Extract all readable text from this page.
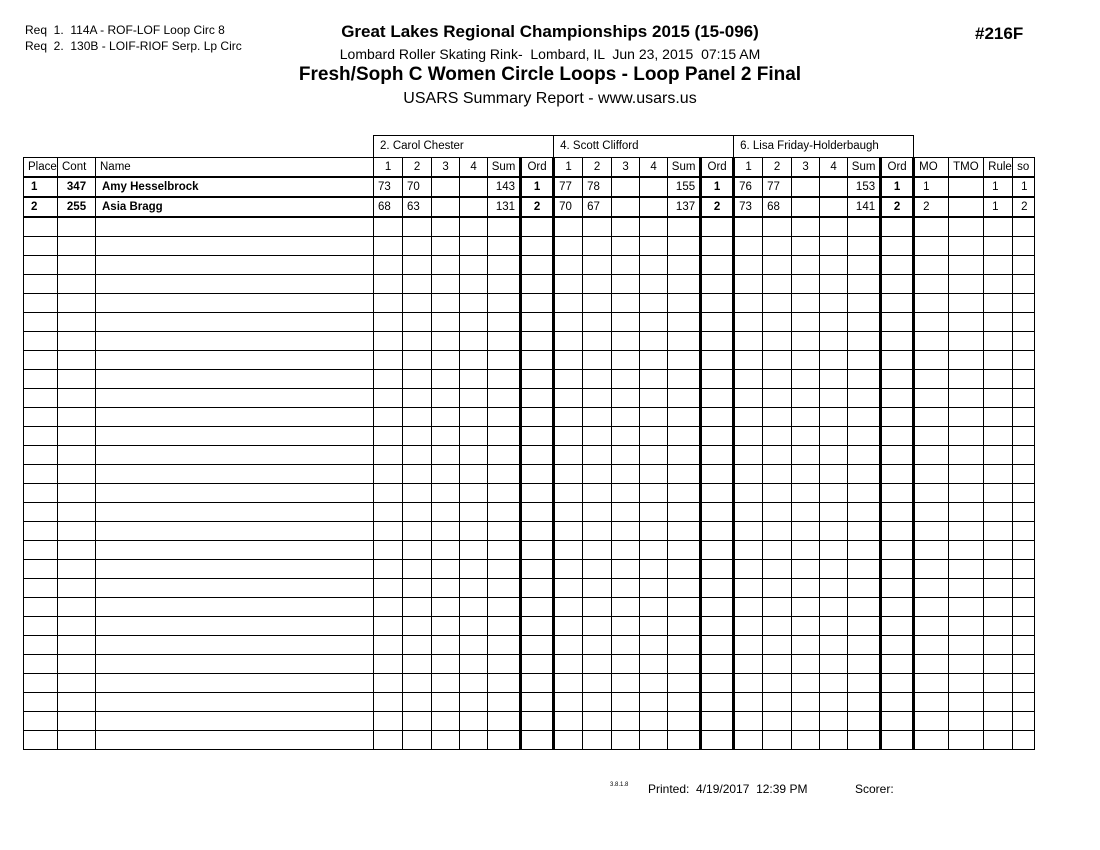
Req  1.  114A - ROF-LOF Loop Circ 8
Req  2.  130B - LOIF-RIOF Serp. Lp Circ
Great Lakes Regional Championships 2015 (15-096)	#216F
Lombard Roller Skating Rink-  Lombard, IL  Jun 23, 2015  07:15 AM
Fresh/Soph C Women Circle Loops - Loop Panel 2 Final
USARS Summary Report - www.usars.us
			2. Carol Chester						4. Scott Clifford						6. Lisa Friday-Holderbaugh									
Place	Cont	Name	1	2	3	4	Sum	Ord	1	2	3	4	Sum	Ord	1	2	3	4	Sum	Ord	MO	TMO	Rule	so
1	347	Amy Hesselbrock	73	70			143	1	77	78			155	1	76	77			153	1	1		1	1
2	255	Asia Bragg	68	63			131	2	70	67			137	2	73	68			141	2	2		1	2

3.8.1.8 Printed:  4/19/2017  12:39 PM	Scorer:
